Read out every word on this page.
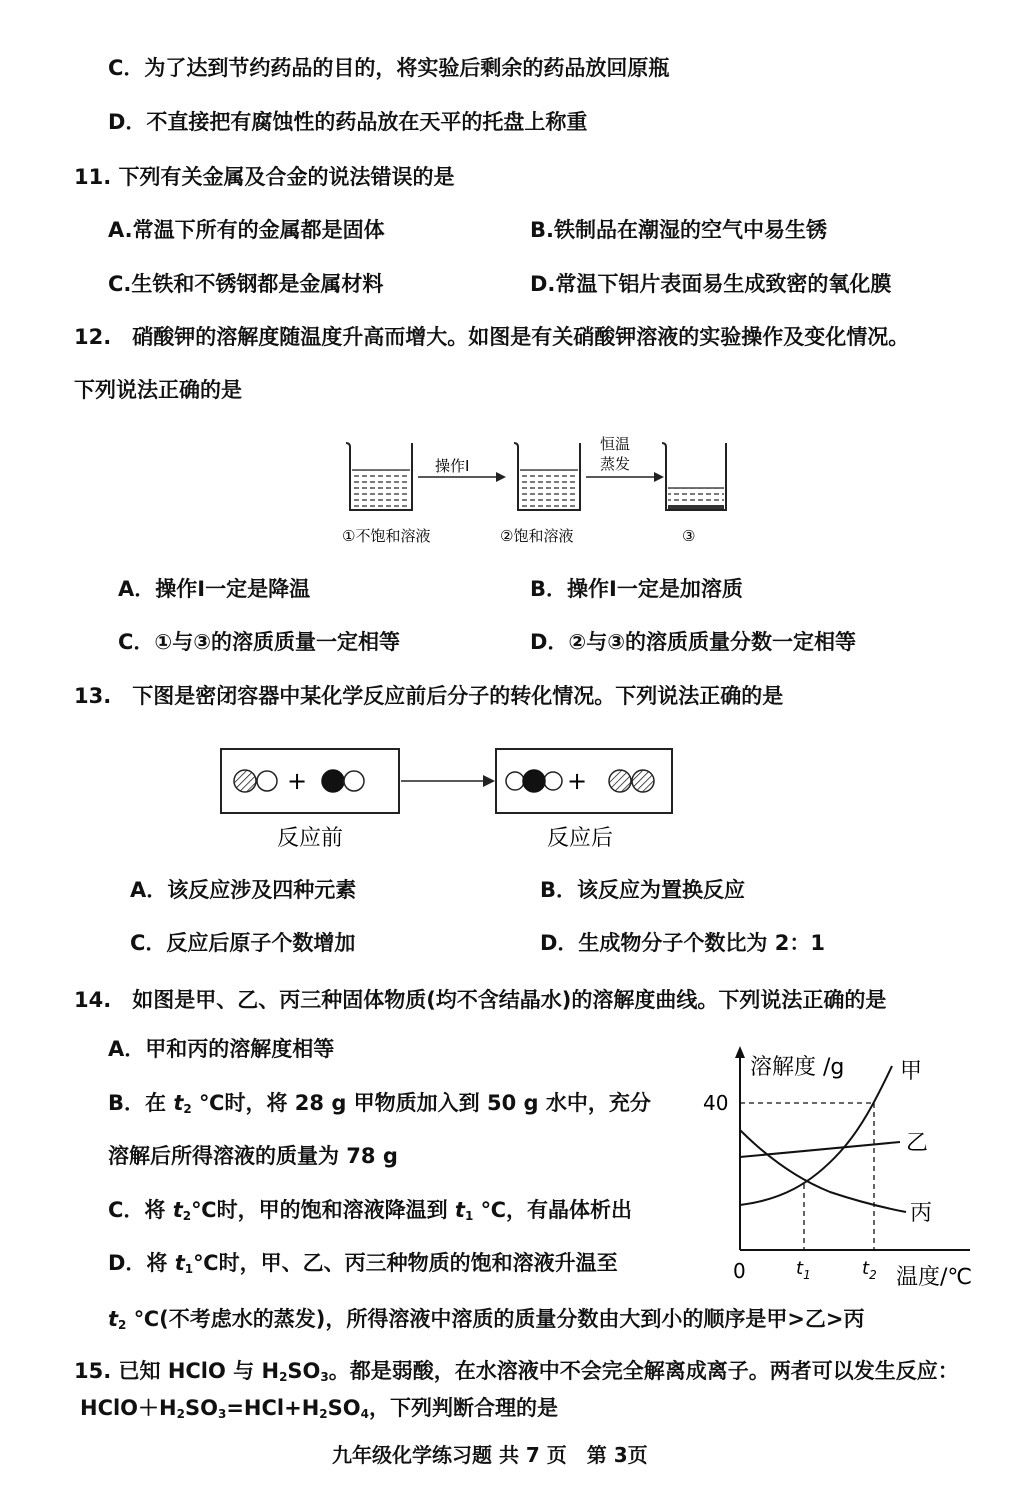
C．为了达到节约药品的目的，将实验后剩余的药品放回原瓶
D．不直接把有腐蚀性的药品放在天平的托盘上称重
11. 下列有关金属及合金的说法错误的是
A.常温下所有的金属都是固体	B.铁制品在潮湿的空气中易生锈
C.生铁和不锈钢都是金属材料	D.常温下铝片表面易生成致密的氧化膜
12.　硝酸钾的溶解度随温度升高而增大。如图是有关硝酸钾溶液的实验操作及变化情况。
下列说法正确的是
操作Ⅰ
恒温
蒸发
①不饱和溶液	②饱和溶液	③
A．操作Ⅰ一定是降温	B．操作Ⅰ一定是加溶质
C．①与③的溶质质量一定相等	D．②与③的溶质质量分数一定相等
13.　下图是密闭容器中某化学反应前后分子的转化情况。下列说法正确的是
+	+
反应前	反应后
A．该反应涉及四种元素	B．该反应为置换反应
C．反应后原子个数增加	D．生成物分子个数比为 2：1
14.　如图是甲、乙、丙三种固体物质(均不含结晶水)的溶解度曲线。下列说法正确的是
A．甲和丙的溶解度相等
B．在 $t_2$ ℃时，将 28 g 甲物质加入到 50 g 水中，充分
溶解后所得溶液的质量为 78 g
C．将 $t_2℃$时，甲的饱和溶液降温到 $t_1$ ℃，有晶体析出
D．将 $t_1℃$时，甲、乙、丙三种物质的饱和溶液升温至
$t_2$ ℃(不考虑水的蒸发)，所得溶液中溶质的质量分数由大到小的顺序是甲>乙>丙
溶解度 /g
温度/℃
0
40
$t_1$	$t_2$
甲
乙
丙
15. 已知 HClO 与 $H_2SO_3$。都是弱酸，在水溶液中不会完全解离成离子。两者可以发生反应：
$HClO+H_2SO_3=HCl+H_2SO_4$，下列判断合理的是
九年级化学练习题 共 7 页　第 3页
